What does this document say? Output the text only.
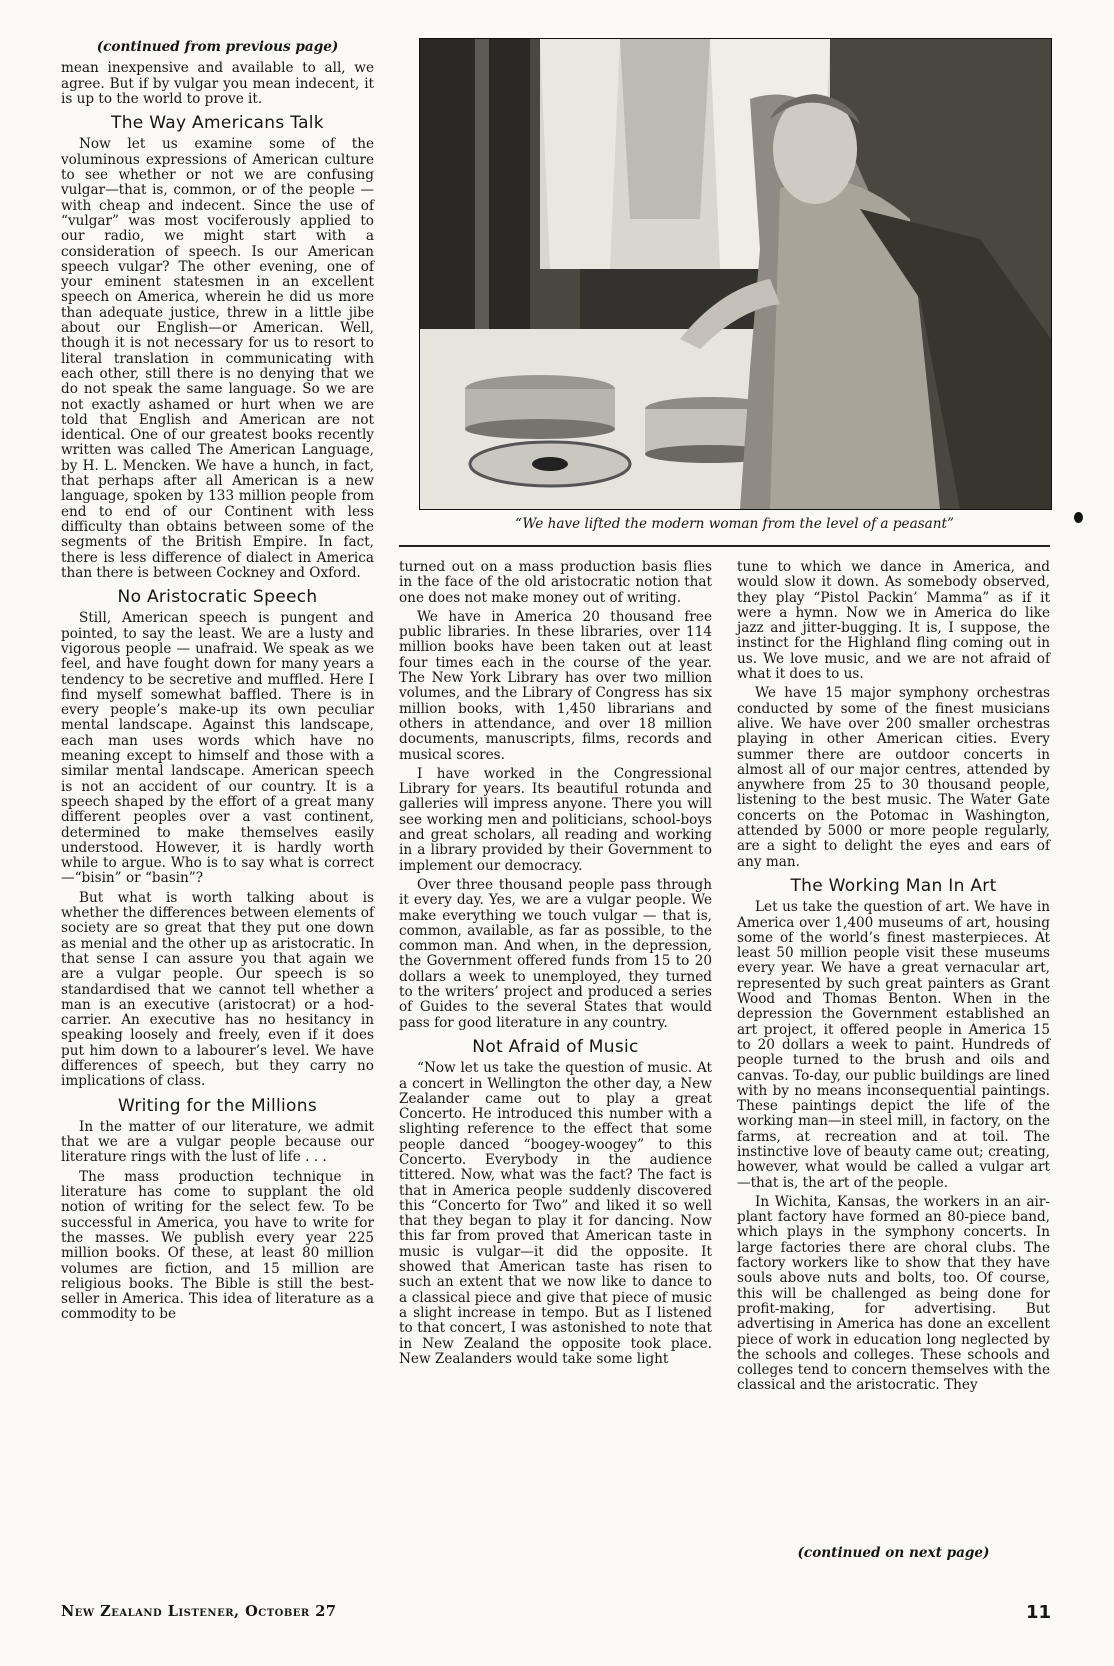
(continued from previous page)

mean inexpensive and available to all, we agree. But if by vulgar you mean indecent, it is up to the world to prove it.

The Way Americans Talk

Now let us examine some of the voluminous expressions of American culture to see whether or not we are confusing vulgar—that is, common, or of the people — with cheap and indecent. Since the use of “vulgar” was most vociferously applied to our radio, we might start with a consideration of speech. Is our American speech vulgar? The other evening, one of your eminent statesmen in an excellent speech on America, wherein he did us more than adequate justice, threw in a little jibe about our English—or American. Well, though it is not necessary for us to resort to literal translation in communicating with each other, still there is no denying that we do not speak the same language. So we are not exactly ashamed or hurt when we are told that English and American are not identical. One of our greatest books recently written was called The American Language, by H. L. Mencken. We have a hunch, in fact, that perhaps after all American is a new language, spoken by 133 million people from end to end of our Continent with less difficulty than obtains between some of the segments of the British Empire. In fact, there is less difference of dialect in America than there is between Cockney and Oxford.

No Aristocratic Speech

Still, American speech is pungent and pointed, to say the least. We are a lusty and vigorous people — unafraid. We speak as we feel, and have fought down for many years a tendency to be secretive and muffled. Here I find myself somewhat baffled. There is in every people’s make-up its own peculiar mental landscape. Against this landscape, each man uses words which have no meaning except to himself and those with a similar mental landscape. American speech is not an accident of our country. It is a speech shaped by the effort of a great many different peoples over a vast continent, determined to make themselves easily understood. However, it is hardly worth while to argue. Who is to say what is correct—“bisin” or “basin”?

But what is worth talking about is whether the differences between elements of society are so great that they put one down as menial and the other up as aristocratic. In that sense I can assure you that again we are a vulgar people. Our speech is so standardised that we cannot tell whether a man is an executive (aristocrat) or a hod-carrier. An executive has no hesitancy in speaking loosely and freely, even if it does put him down to a labourer’s level. We have differences of speech, but they carry no implications of class.

Writing for the Millions

In the matter of our literature, we admit that we are a vulgar people because our literature rings with the lust of life . . .

The mass production technique in literature has come to supplant the old notion of writing for the select few. To be successful in America, you have to write for the masses. We publish every year 225 million books. Of these, at least 80 million volumes are fiction, and 15 million are religious books. The Bible is still the best-seller in America. This idea of literature as a commodity to be

“We have lifted the modern woman from the level of a peasant”

turned out on a mass production basis flies in the face of the old aristocratic notion that one does not make money out of writing.

We have in America 20 thousand free public libraries. In these libraries, over 114 million books have been taken out at least four times each in the course of the year. The New York Library has over two million volumes, and the Library of Congress has six million books, with 1,450 librarians and others in attendance, and over 18 million documents, manuscripts, films, records and musical scores.

I have worked in the Congressional Library for years. Its beautiful rotunda and galleries will impress anyone. There you will see working men and politicians, school-boys and great scholars, all reading and working in a library provided by their Government to implement our democracy.

Over three thousand people pass through it every day. Yes, we are a vulgar people. We make everything we touch vulgar — that is, common, available, as far as possible, to the common man. And when, in the depression, the Government offered funds from 15 to 20 dollars a week to unemployed, they turned to the writers’ project and produced a series of Guides to the several States that would pass for good literature in any country.

Not Afraid of Music

“Now let us take the question of music. At a concert in Wellington the other day, a New Zealander came out to play a great Concerto. He introduced this number with a slighting reference to the effect that some people danced “boogey-woogey” to this Concerto. Everybody in the audience tittered. Now, what was the fact? The fact is that in America people suddenly discovered this “Concerto for Two” and liked it so well that they began to play it for dancing. Now this far from proved that American taste in music is vulgar—it did the opposite. It showed that American taste has risen to such an extent that we now like to dance to a classical piece and give that piece of music a slight increase in tempo. But as I listened to that concert, I was astonished to note that in New Zealand the opposite took place. New Zealanders would take some light

tune to which we dance in America, and would slow it down. As somebody observed, they play “Pistol Packin’ Mamma” as if it were a hymn. Now we in America do like jazz and jitter-bugging. It is, I suppose, the instinct for the Highland fling coming out in us. We love music, and we are not afraid of what it does to us.

We have 15 major symphony orchestras conducted by some of the finest musicians alive. We have over 200 smaller orchestras playing in other American cities. Every summer there are outdoor concerts in almost all of our major centres, attended by anywhere from 25 to 30 thousand people, listening to the best music. The Water Gate concerts on the Potomac in Washington, attended by 5000 or more people regularly, are a sight to delight the eyes and ears of any man.

The Working Man In Art

Let us take the question of art. We have in America over 1,400 museums of art, housing some of the world’s finest masterpieces. At least 50 million people visit these museums every year. We have a great vernacular art, represented by such great painters as Grant Wood and Thomas Benton. When in the depression the Government established an art project, it offered people in America 15 to 20 dollars a week to paint. Hundreds of people turned to the brush and oils and canvas. To-day, our public buildings are lined with by no means inconsequential paintings. These paintings depict the life of the working man—in steel mill, in factory, on the farms, at recreation and at toil. The instinctive love of beauty came out; creating, however, what would be called a vulgar art —that is, the art of the people.

In Wichita, Kansas, the workers in an air-plant factory have formed an 80-piece band, which plays in the symphony concerts. In large factories there are choral clubs. The factory workers like to show that they have souls above nuts and bolts, too. Of course, this will be challenged as being done for profit-making, for advertising. But advertising in America has done an excellent piece of work in education long neglected by the schools and colleges. These schools and colleges tend to concern themselves with the classical and the aristocratic. They

(continued on next page)
New Zealand Listener, October 27	11
